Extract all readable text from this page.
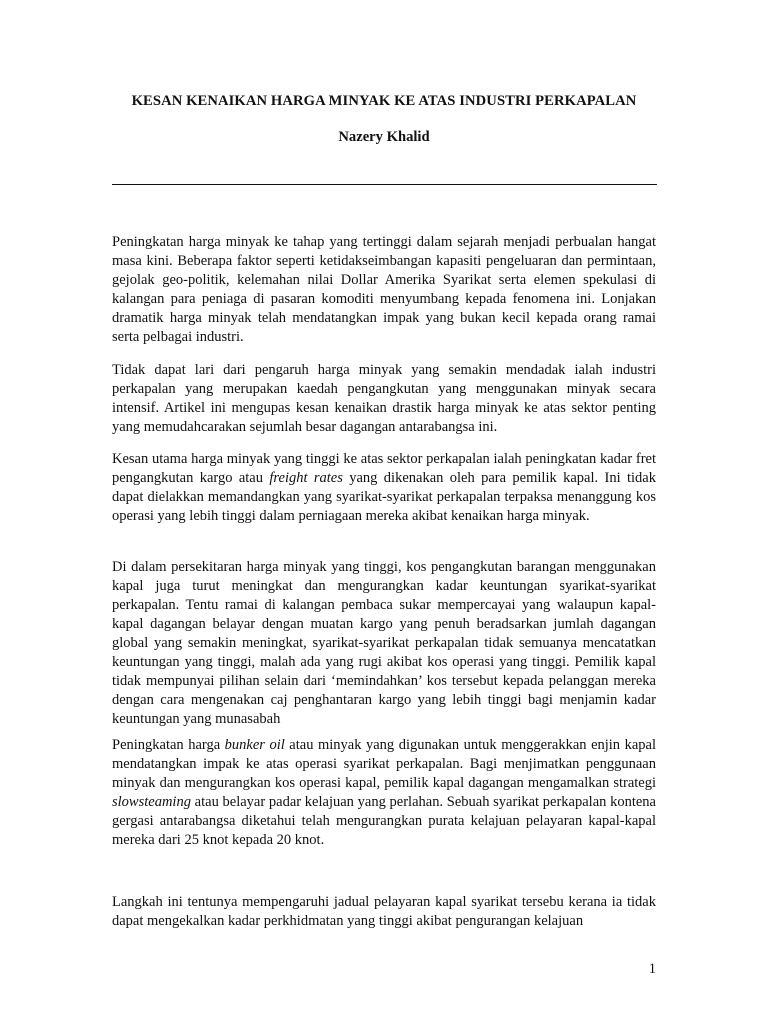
KESAN KENAIKAN HARGA MINYAK KE ATAS INDUSTRI PERKAPALAN
Nazery Khalid

Peningkatan harga minyak ke tahap yang tertinggi dalam sejarah menjadi perbualan hangat masa kini. Beberapa faktor seperti ketidakseimbangan kapasiti pengeluaran dan permintaan, gejolak geo-politik, kelemahan nilai Dollar Amerika Syarikat serta elemen spekulasi di kalangan para peniaga di pasaran komoditi menyumbang kepada fenomena ini. Lonjakan dramatik harga minyak telah mendatangkan impak yang bukan kecil kepada orang ramai serta pelbagai industri.

Tidak dapat lari dari pengaruh harga minyak yang semakin mendadak ialah industri perkapalan yang merupakan kaedah pengangkutan yang menggunakan minyak secara intensif. Artikel ini mengupas kesan kenaikan drastik harga minyak ke atas sektor penting yang memudahcarakan sejumlah besar dagangan antarabangsa ini.

Kesan utama harga minyak yang tinggi ke atas sektor perkapalan ialah peningkatan kadar fret pengangkutan kargo atau freight rates yang dikenakan oleh para pemilik kapal. Ini tidak dapat dielakkan memandangkan yang syarikat-syarikat perkapalan terpaksa menanggung kos operasi yang lebih tinggi dalam perniagaan mereka akibat kenaikan harga minyak.

Di dalam persekitaran harga minyak yang tinggi, kos pengangkutan barangan menggunakan kapal juga turut meningkat dan mengurangkan kadar keuntungan syarikat-syarikat perkapalan. Tentu ramai di kalangan pembaca sukar mempercayai yang walaupun kapal-kapal dagangan belayar dengan muatan kargo yang penuh beradsarkan jumlah dagangan global yang semakin meningkat, syarikat-syarikat perkapalan tidak semuanya mencatatkan keuntungan yang tinggi, malah ada yang rugi akibat kos operasi yang tinggi. Pemilik kapal tidak mempunyai pilihan selain dari ‘memindahkan’ kos tersebut kepada pelanggan mereka dengan cara mengenakan caj penghantaran kargo yang lebih tinggi bagi menjamin kadar keuntungan yang munasabah

Peningkatan harga bunker oil atau minyak yang digunakan untuk menggerakkan enjin kapal mendatangkan impak ke atas operasi syarikat perkapalan. Bagi menjimatkan penggunaan minyak dan mengurangkan kos operasi kapal, pemilik kapal dagangan mengamalkan strategi slowsteaming atau belayar padar kelajuan yang perlahan. Sebuah syarikat perkapalan kontena gergasi antarabangsa diketahui telah mengurangkan purata kelajuan pelayaran kapal-kapal mereka dari 25 knot kepada 20 knot.

Langkah ini tentunya mempengaruhi jadual pelayaran kapal syarikat tersebu kerana ia tidak dapat mengekalkan kadar perkhidmatan yang tinggi akibat pengurangan kelajuan

1
